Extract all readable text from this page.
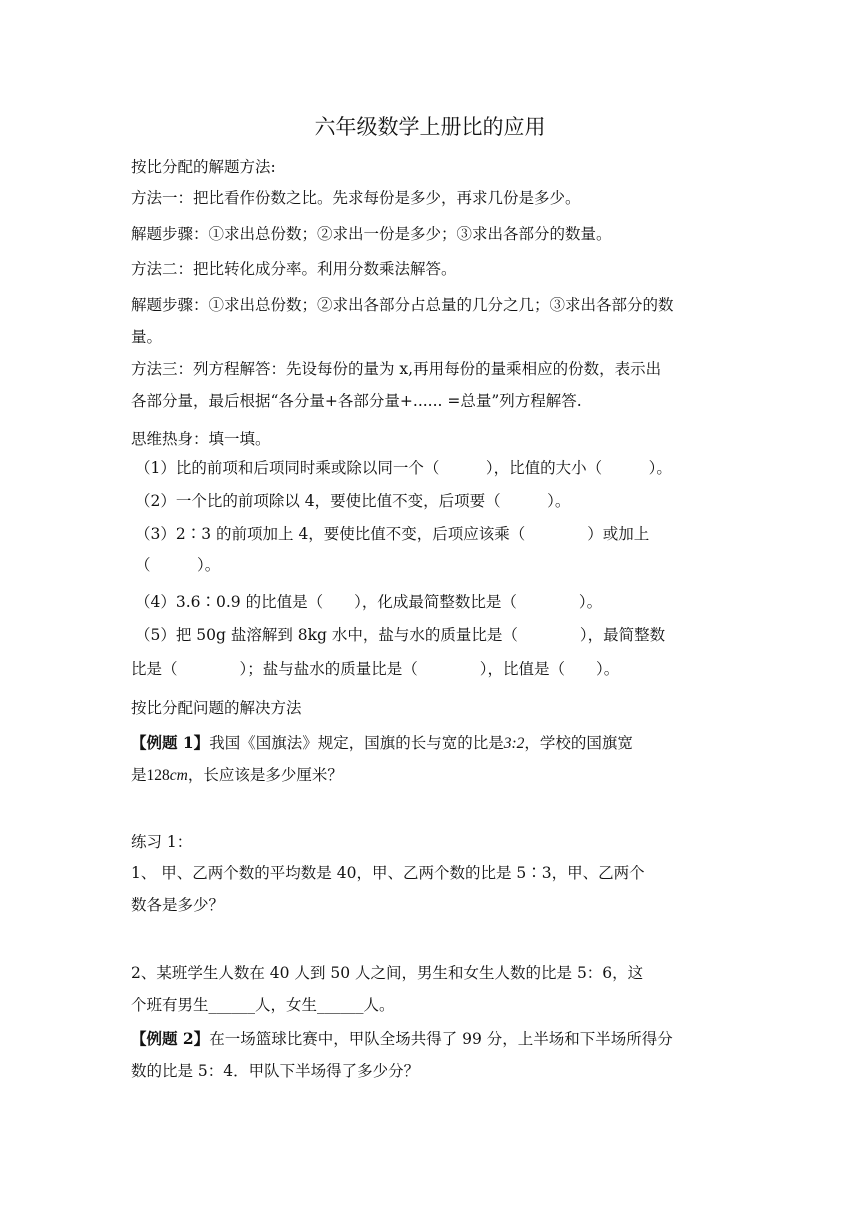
六年级数学上册比的应用
按比分配的解题方法:
方法一：把比看作份数之比。先求每份是多少，再求几份是多少。
解题步骤：①求出总份数；②求出一份是多少；③求出各部分的数量。
方法二：把比转化成分率。利用分数乘法解答。
解题步骤：①求出总份数；②求出各部分占总量的几分之几；③求出各部分的数
量。
方法三：列方程解答：先设每份的量为 x,再用每份的量乘相应的份数，表示出
各部分量，最后根据“各分量+各部分量+...... =总量”列方程解答.
思维热身：填一填。
（1）比的前项和后项同时乘或除以同一个（　　　），比值的大小（　　　）。
（2）一个比的前项除以 4，要使比值不变，后项要（　　　）。
（3）2∶3 的前项加上 4，要使比值不变，后项应该乘（　　　　）或加上
（　　　）。
（4）3.6∶0.9 的比值是（　　），化成最简整数比是（　　　　）。
（5）把 50g 盐溶解到 8kg 水中，盐与水的质量比是（　　　　），最简整数
比是（　　　　）；盐与盐水的质量比是（　　　　），比值是（　　）。
按比分配问题的解决方法
【例题 1】我国《国旗法》规定，国旗的长与宽的比是3:2，学校的国旗宽
是128cm，长应该是多少厘米？
练习 1：
1、 甲、乙两个数的平均数是 40，甲、乙两个数的比是 5∶3，甲、乙两个
数各是多少？
2、某班学生人数在 40 人到 50 人之间，男生和女生人数的比是 5：6，这
个班有男生______人，女生______人。
【例题 2】在一场篮球比赛中，甲队全场共得了 99 分，上半场和下半场所得分
数的比是 5：4．甲队下半场得了多少分？
